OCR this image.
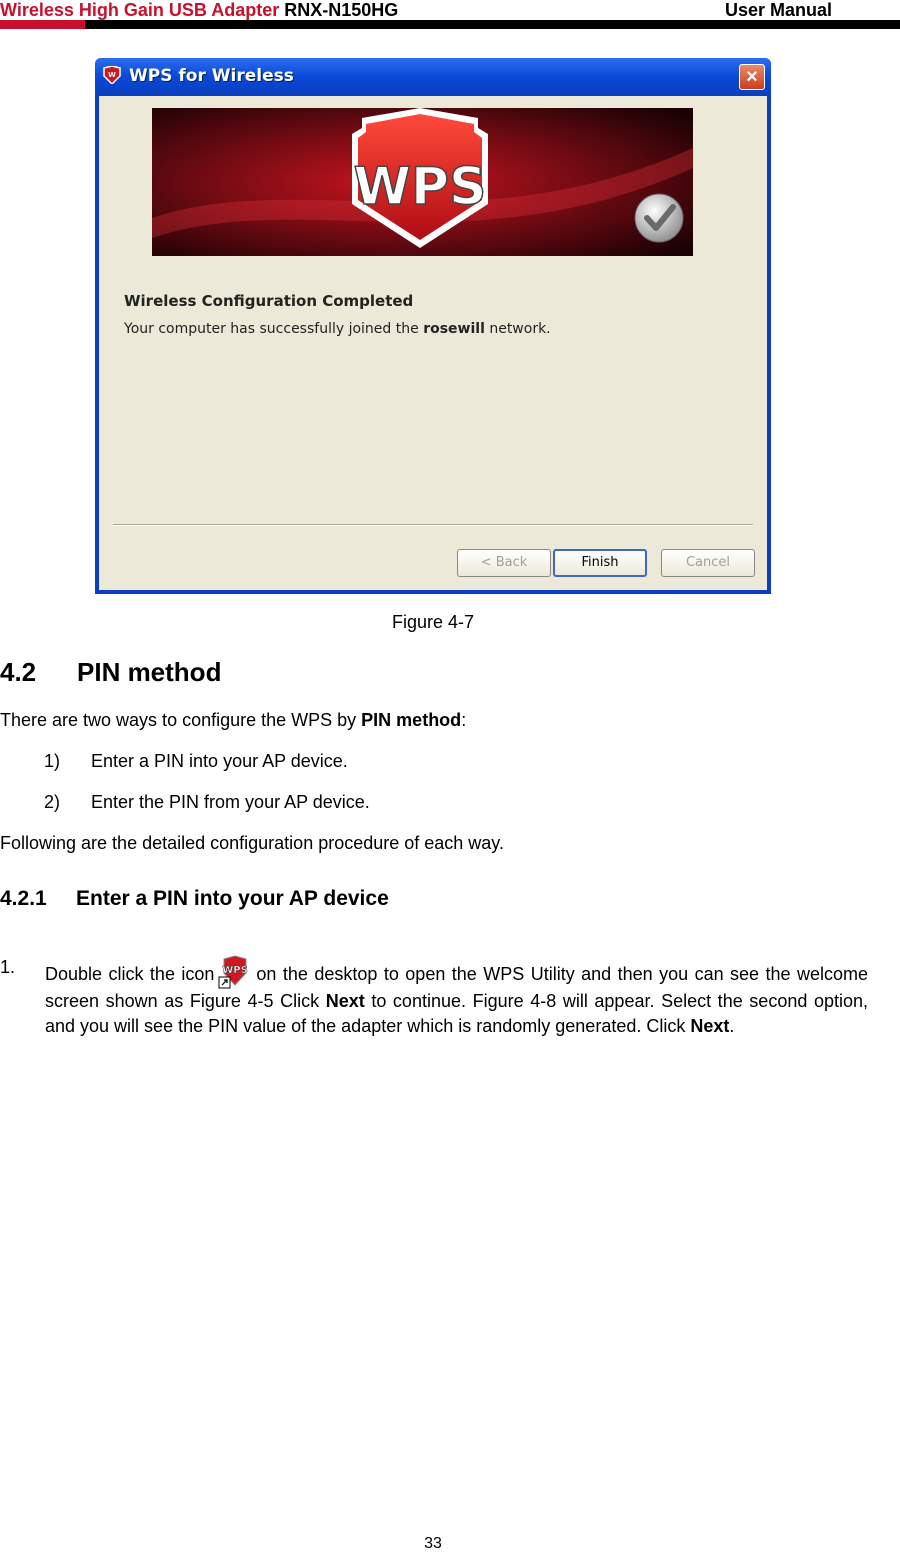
Wireless High Gain USB Adapter RNX-N150HG	User Manual
W WPS for Wireless	×
WPS
Wireless Configuration Completed
Your computer has successfully joined the rosewill network.
< Back	Finish	Cancel
Figure 4-7
4.2 PIN method
There are two ways to configure the WPS by PIN method:
1) Enter a PIN into your AP device.
2) Enter the PIN from your AP device.
Following are the detailed configuration procedure of each way.
4.2.1 Enter a PIN into your AP device
1. Double click the icon WPS on the desktop to open the WPS Utility and then you can see the welcome screen shown as Figure 4-5 Click Next to continue. Figure 4-8 will appear. Select the second option, and you will see the PIN value of the adapter which is randomly generated. Click Next.
33
